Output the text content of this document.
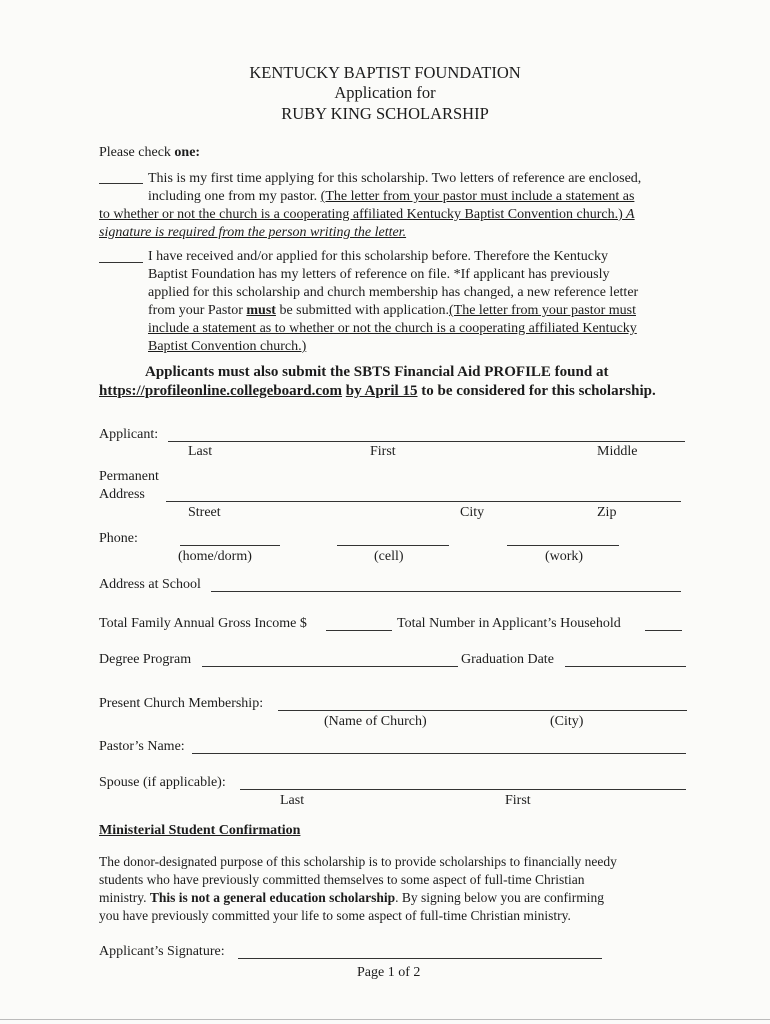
KENTUCKY BAPTIST FOUNDATION
Application for
RUBY KING SCHOLARSHIP
Please check one:
This is my first time applying for this scholarship. Two letters of reference are enclosed,
including one from my pastor. (The letter from your pastor must include a statement as
to whether or not the church is a cooperating affiliated Kentucky Baptist Convention church.) A
signature is required from the person writing the letter.
I have received and/or applied for this scholarship before. Therefore the Kentucky
Baptist Foundation has my letters of reference on file. *If applicant has previously
applied for this scholarship and church membership has changed, a new reference letter
from your Pastor must be submitted with application.(The letter from your pastor must
include a statement as to whether or not the church is a cooperating affiliated Kentucky
Baptist Convention church.)
Applicants must also submit the SBTS Financial Aid PROFILE found at
https://profileonline.collegeboard.com by April 15 to be considered for this scholarship.
Applicant:
Last	First	Middle
Permanent
Address
Street	City	Zip
Phone:
(home/dorm)	(cell)	(work)
Address at School
Total Family Annual Gross Income $	Total Number in Applicant’s Household
Degree Program	Graduation Date
Present Church Membership:
(Name of Church)	(City)
Pastor’s Name:
Spouse (if applicable):
Last	First
Ministerial Student Confirmation
The donor-designated purpose of this scholarship is to provide scholarships to financially needy
students who have previously committed themselves to some aspect of full-time Christian
ministry. This is not a general education scholarship. By signing below you are confirming
you have previously committed your life to some aspect of full-time Christian ministry.
Applicant’s Signature:
Page 1 of 2
